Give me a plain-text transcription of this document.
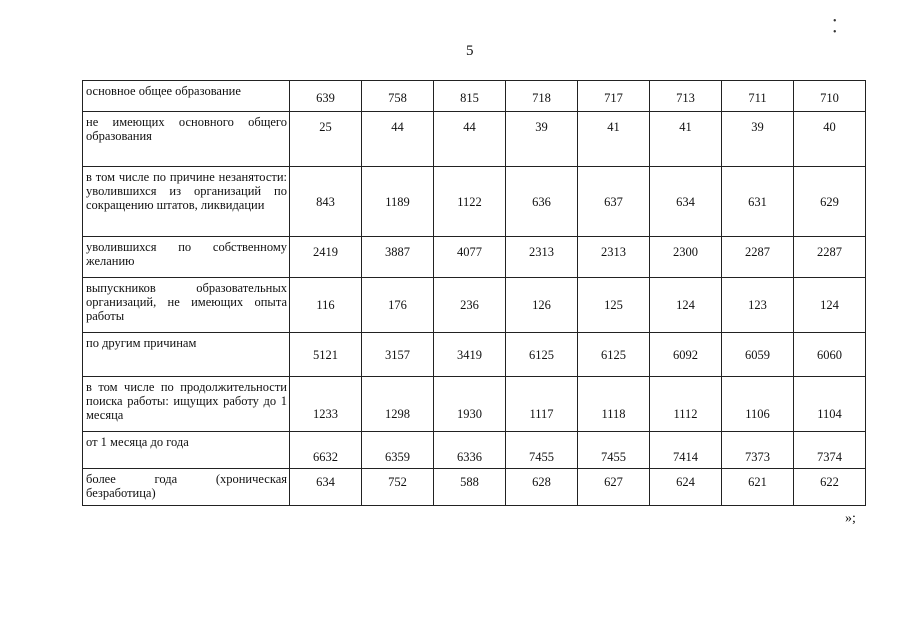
• •
5
основное общее образование	639	758	815	718	717	713	711	710
не имеющих основного общего образования	25	44	44	39	41	41	39	40
в том числе по причине незанятости: уволившихся из организаций по сокращению штатов, ликвидации	843	1189	1122	636	637	634	631	629
уволившихся по собственному желанию	2419	3887	4077	2313	2313	2300	2287	2287
выпускников образовательных организаций, не имеющих опыта работы	116	176	236	126	125	124	123	124
по другим причинам	5121	3157	3419	6125	6125	6092	6059	6060
в том числе по продолжительности поиска работы: ищущих работу до 1 месяца	1233	1298	1930	1117	1118	1112	1106	1104
от 1 месяца до года	6632	6359	6336	7455	7455	7414	7373	7374
более года (хроническая безработица)	634	752	588	628	627	624	621	622
»;
